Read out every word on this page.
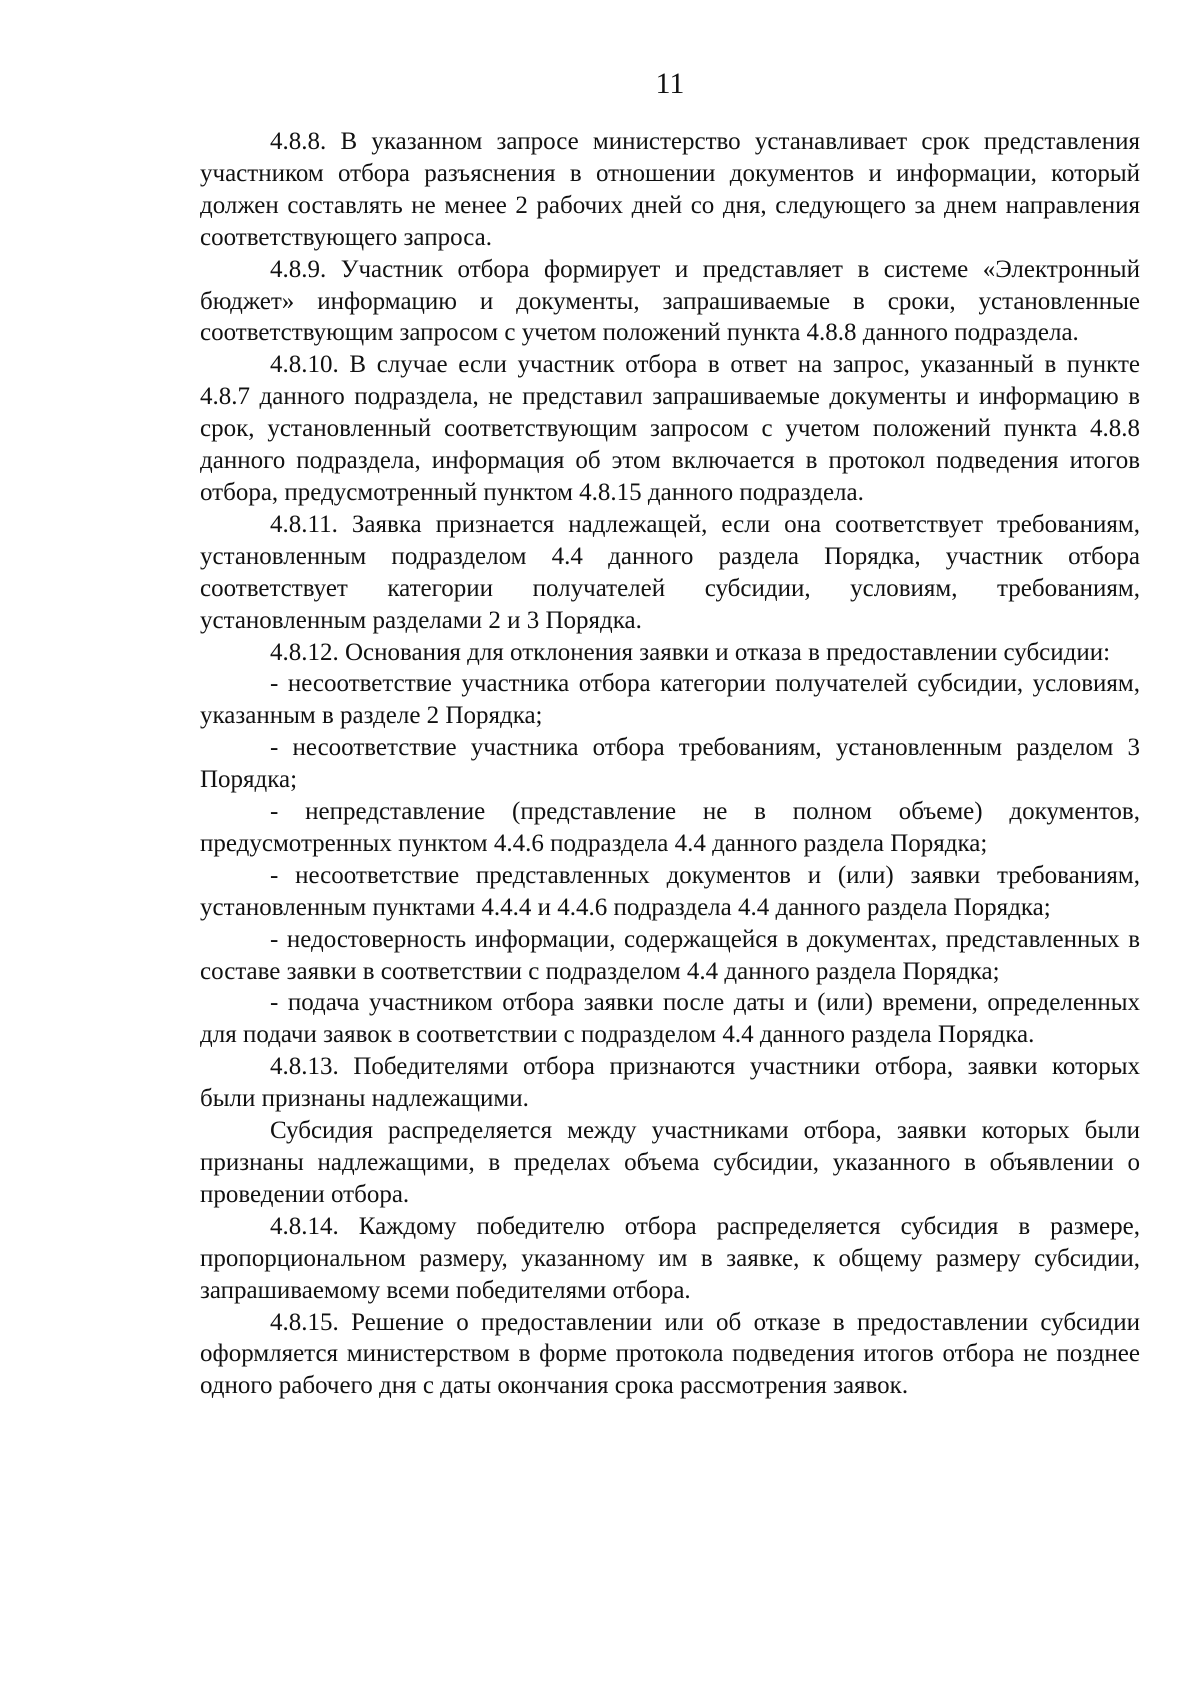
11

4.8.8. В указанном запросе министерство устанавливает срок представления участником отбора разъяснения в отношении документов и информации, который должен составлять не менее 2 рабочих дней со дня, следующего за днем направления соответствующего запроса.

4.8.9. Участник отбора формирует и представляет в системе «Электронный бюджет» информацию и документы, запрашиваемые в сроки, установленные соответствующим запросом с учетом положений пункта 4.8.8 данного подраздела.

4.8.10. В случае если участник отбора в ответ на запрос, указанный в пункте 4.8.7 данного подраздела, не представил запрашиваемые документы и информацию в срок, установленный соответствующим запросом с учетом положений пункта 4.8.8 данного подраздела, информация об этом включается в протокол подведения итогов отбора, предусмотренный пунктом 4.8.15 данного подраздела.

4.8.11. Заявка признается надлежащей, если она соответствует требованиям, установленным подразделом 4.4 данного раздела Порядка, участник отбора соответствует категории получателей субсидии, условиям, требованиям, установленным разделами 2 и 3 Порядка.

4.8.12. Основания для отклонения заявки и отказа в предоставлении субсидии:

- несоответствие участника отбора категории получателей субсидии, условиям, указанным в разделе 2 Порядка;

- несоответствие участника отбора требованиям, установленным разделом 3 Порядка;

- непредставление (представление не в полном объеме) документов, предусмотренных пунктом 4.4.6 подраздела 4.4 данного раздела Порядка;

- несоответствие представленных документов и (или) заявки требованиям, установленным пунктами 4.4.4 и 4.4.6 подраздела 4.4 данного раздела Порядка;

- недостоверность информации, содержащейся в документах, представленных в составе заявки в соответствии с подразделом 4.4 данного раздела Порядка;

- подача участником отбора заявки после даты и (или) времени, определенных для подачи заявок в соответствии с подразделом 4.4 данного раздела Порядка.

4.8.13. Победителями отбора признаются участники отбора, заявки которых были признаны надлежащими.

Субсидия распределяется между участниками отбора, заявки которых были признаны надлежащими, в пределах объема субсидии, указанного в объявлении о проведении отбора.

4.8.14. Каждому победителю отбора распределяется субсидия в размере, пропорциональном размеру, указанному им в заявке, к общему размеру субсидии, запрашиваемому всеми победителями отбора.

4.8.15. Решение о предоставлении или об отказе в предоставлении субсидии оформляется министерством в форме протокола подведения итогов отбора не позднее одного рабочего дня с даты окончания срока рассмотрения заявок.
